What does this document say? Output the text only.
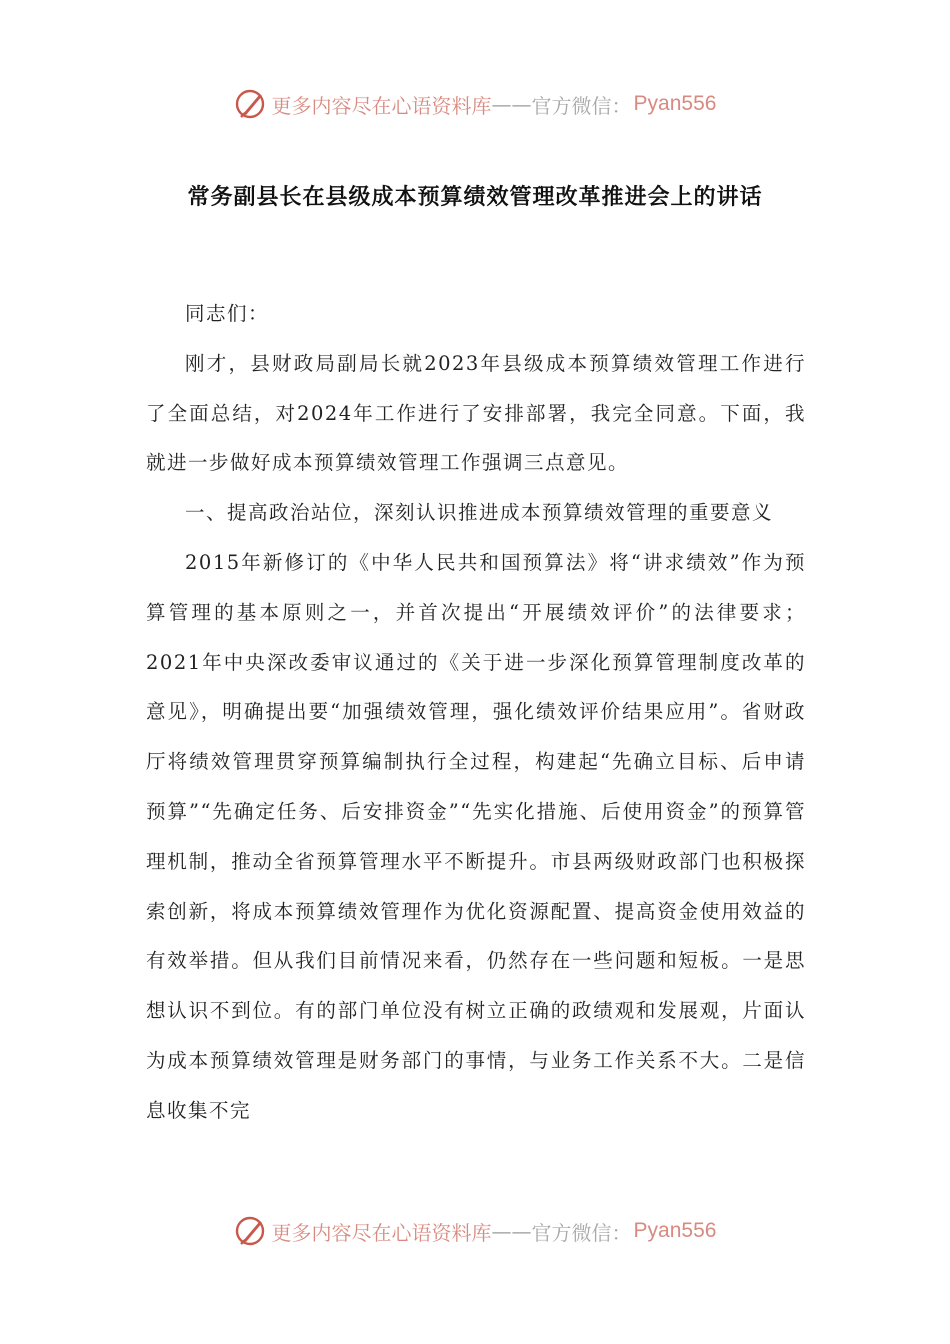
更多内容尽在心语资料库 —— 官方微信： Pyan556
常务副县长在县级成本预算绩效管理改革推进会上的讲话

同志们：

刚才，县财政局副局长就2023年县级成本预算绩效管理工作进行了全面总结，对2024年工作进行了安排部署，我完全同意。下面，我就进一步做好成本预算绩效管理工作强调三点意见。

一、提高政治站位，深刻认识推进成本预算绩效管理的重要意义

2015年新修订的《中华人民共和国预算法》将“讲求绩效”作为预算管理的基本原则之一，并首次提出“开展绩效评价”的法律要求；2021年中央深改委审议通过的《关于进一步深化预算管理制度改革的意见》，明确提出要“加强绩效管理，强化绩效评价结果应用”。省财政厅将绩效管理贯穿预算编制执行全过程，构建起“先确立目标、后申请预算”“先确定任务、后安排资金”“先实化措施、后使用资金”的预算管理机制，推动全省预算管理水平不断提升。市县两级财政部门也积极探索创新，将成本预算绩效管理作为优化资源配置、提高资金使用效益的有效举措。但从我们目前情况来看，仍然存在一些问题和短板。一是思想认识不到位。有的部门单位没有树立正确的政绩观和发展观，片面认为成本预算绩效管理是财务部门的事情，与业务工作关系不大。二是信息收集不完

更多内容尽在心语资料库 —— 官方微信： Pyan556
